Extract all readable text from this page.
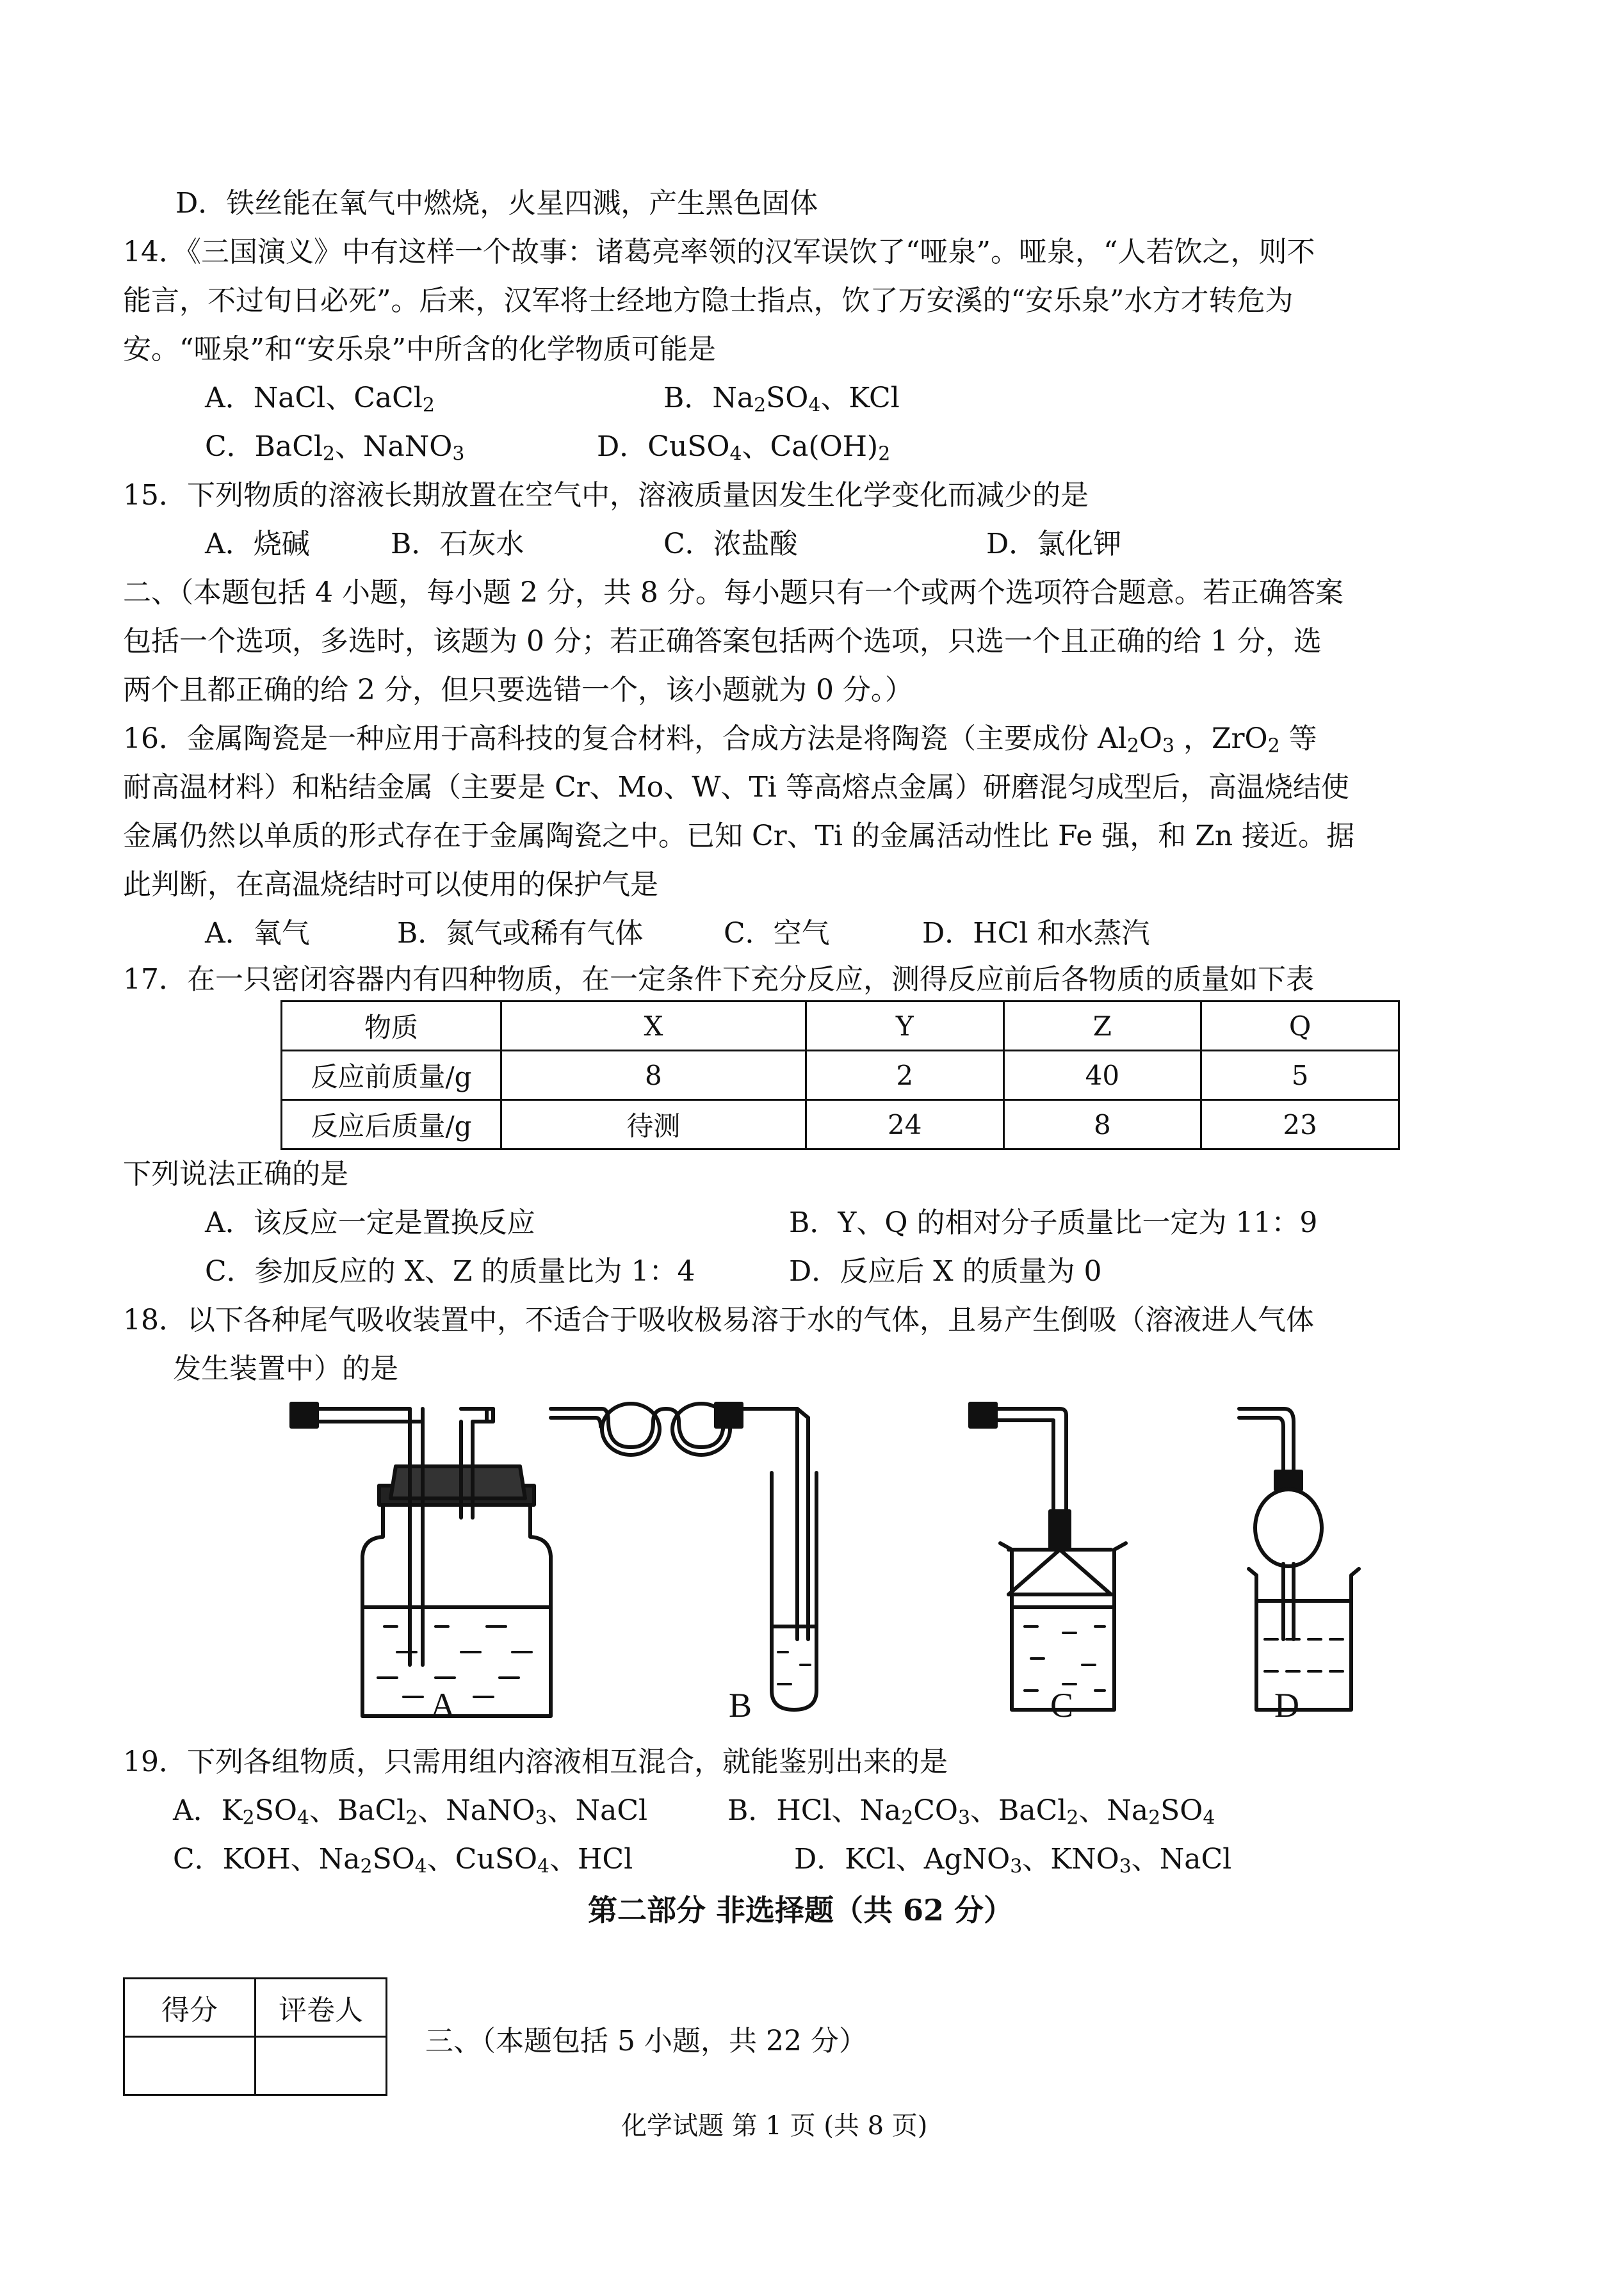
D．铁丝能在氧气中燃烧，火星四溅，产生黑色固体
14．《三国演义》中有这样一个故事：诸葛亮率领的汉军误饮了“哑泉”。哑泉，“人若饮之，则不
能言，不过旬日必死”。后来，汉军将士经地方隐士指点，饮了万安溪的“安乐泉”水方才转危为
安。“哑泉”和“安乐泉”中所含的化学物质可能是
A．NaCl、CaCl$_2$	B．$Na_2SO_4$、KCl
C．BaCl$_2$、NaNO$_3$	D．CuSO$_4$、$Ca(OH)_2$
15．下列物质的溶液长期放置在空气中，溶液质量因发生化学变化而减少的是
A．烧碱	B．石灰水	C．浓盐酸	D．氯化钾
二、（本题包括 4 小题，每小题 2 分，共 8 分。每小题只有一个或两个选项符合题意。若正确答案
包括一个选项，多选时，该题为 0 分；若正确答案包括两个选项，只选一个且正确的给 1 分，选
两个且都正确的给 2 分，但只要选错一个，该小题就为 0 分。）
16．金属陶瓷是一种应用于高科技的复合材料，合成方法是将陶瓷（主要成份 $Al_2O_3$ ，ZrO$_2$ 等
耐高温材料）和粘结金属（主要是 Cr、Mo、W、Ti 等高熔点金属）研磨混匀成型后，高温烧结使
金属仍然以单质的形式存在于金属陶瓷之中。已知 Cr、Ti 的金属活动性比 Fe 强，和 Zn 接近。据
此判断，在高温烧结时可以使用的保护气是
A．氧气	B．氮气或稀有气体	C．空气	D．HCl 和水蒸汽
17．在一只密闭容器内有四种物质，在一定条件下充分反应，测得反应前后各物质的质量如下表
物质	X	Y	Z	Q
反应前质量/g	8	2	40	5
反应后质量/g	待测	24	8	23
下列说法正确的是
A．该反应一定是置换反应	B．Y、Q 的相对分子质量比一定为 11：9
C．参加反应的 X、Z 的质量比为 1：4	D．反应后 X 的质量为 0
18．以下各种尾气吸收装置中，不适合于吸收极易溶于水的气体，且易产生倒吸（溶液进人气体
发生装置中）的是
A	B	C	D
19．下列各组物质，只需用组内溶液相互混合，就能鉴别出来的是
A．$K_2SO_4$、BaCl$_2$、NaNO$_3$、NaCl	B．HCl、$Na_2CO_3$、BaCl$_2$、$Na_2SO_4$
C．KOH、$Na_2SO_4$、CuSO$_4$、HCl	D．KCl、AgNO$_3$、$KNO_3$、NaCl
第二部分 非选择题（共 62 分）
得分	评卷人

三、（本题包括 5 小题，共 22 分）
化学试题 第 1 页 (共 8 页)
